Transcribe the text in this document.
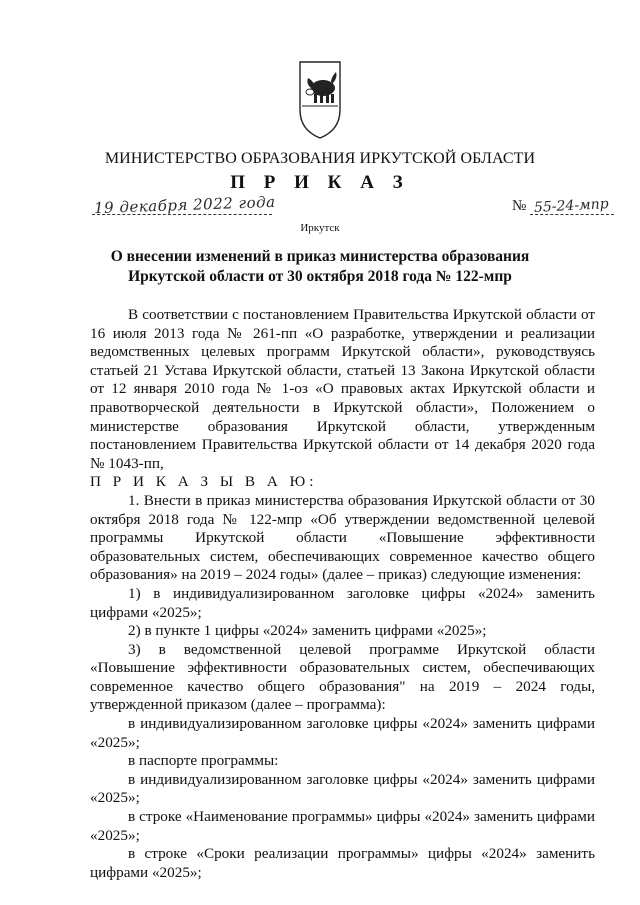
МИНИСТЕРСТВО ОБРАЗОВАНИЯ ИРКУТСКОЙ ОБЛАСТИ
П Р И К А З
19 декабря 2022 года	№ 55-24-мпр
Иркутск
О внесении изменений в приказ министерства образования
Иркутской области от 30 октября 2018 года № 122-мпр

В соответствии с постановлением Правительства Иркутской области от 16 июля 2013 года № 261-пп «О разработке, утверждении и реализации ведомственных целевых программ Иркутской области», руководствуясь статьей 21 Устава Иркутской области, статьей 13 Закона Иркутской области от 12 января 2010 года № 1-оз «О правовых актах Иркутской области и правотворческой деятельности в Иркутской области», Положением о министерстве образования Иркутской области, утвержденным постановлением Правительства Иркутской области от 14 декабря 2020 года № 1043-пп,

П Р И К А З Ы В А Ю:

1. Внести в приказ министерства образования Иркутской области от 30 октября 2018 года № 122-мпр «Об утверждении ведомственной целевой программы Иркутской области «Повышение эффективности образовательных систем, обеспечивающих современное качество общего образования» на 2019 – 2024 годы» (далее – приказ) следующие изменения:

1) в индивидуализированном заголовке цифры «2024» заменить цифрами «2025»;

2) в пункте 1 цифры «2024» заменить цифрами «2025»;

3) в ведомственной целевой программе Иркутской области «Повышение эффективности образовательных систем, обеспечивающих современное качество общего образования" на 2019 – 2024 годы, утвержденной приказом (далее – программа):

в индивидуализированном заголовке цифры «2024» заменить цифрами «2025»;

в паспорте программы:

в индивидуализированном заголовке цифры «2024» заменить цифрами «2025»;

в строке «Наименование программы» цифры «2024» заменить цифрами «2025»;

в строке «Сроки реализации программы» цифры «2024» заменить цифрами «2025»;
